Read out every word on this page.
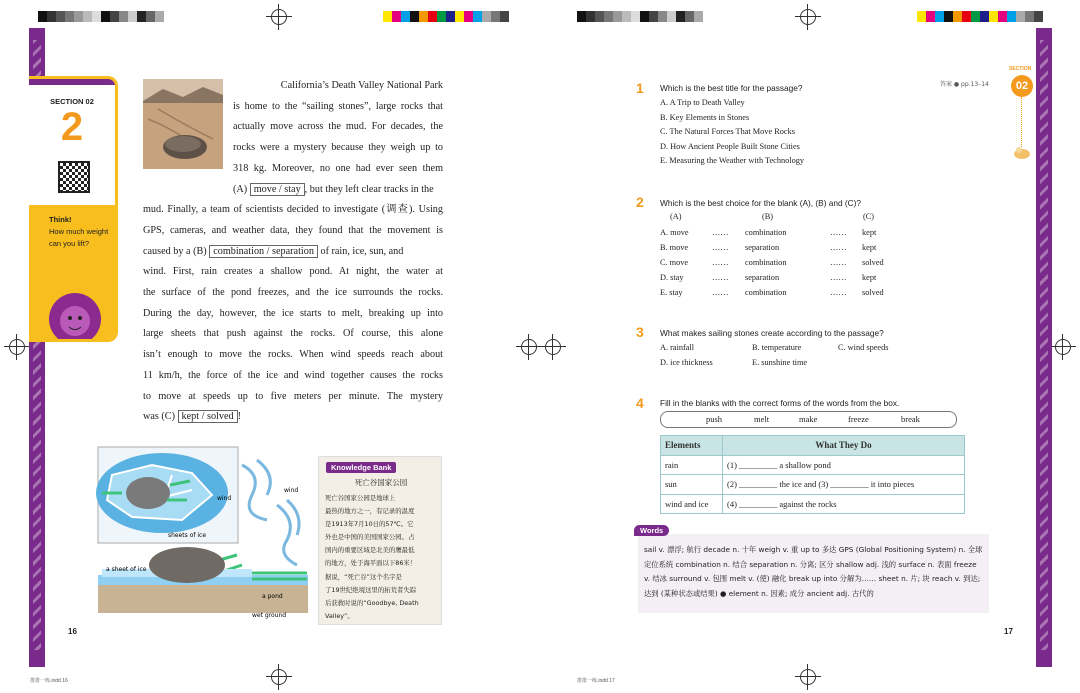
SECTION 02
2
Think!
How much weight can you lift?
California’s Death Valley National Park
is home to the “sailing stones”, large rocks that
actually move across the mud. For decades, the
rocks were a mystery because they weigh up to
318 kg. Moreover, no one had ever seen them
(A) move / stay , but they left clear tracks in the
mud. Finally, a team of scientists decided to investigate (调查). Using
GPS, cameras, and weather data, they found that the movement is
caused by a (B) combination / separation of rain, ice, sun, and
wind. First, rain creates a shallow pond. At night, the water at
the surface of the pond freezes, and the ice surrounds the rocks.
During the day, however, the ice starts to melt, breaking up into
large sheets that push against the rocks. Of course, this alone
isn’t enough to move the rocks. When wind speeds reach about
11 km/h, the force of the ice and wind together causes the rocks
to move at speeds up to five meters per minute. The mystery
was (C) kept / solved !
wind
wind
sheets of ice
a sheet of ice
a pond
wet ground
Knowledge Bank
死亡谷国家公园
死亡谷国家公园是地球上
最热的地方之一，有记录的温度
是1913年7月10日的57℃。它
外也是中国的美国国家公园。占
国内的重要区域是北美的鹰最低
的地方，处于海平面以下86米！
据说，“死亡谷”这个名字是
了19世纪绝境这里的拓荒者失踪
后获救时说的“Goodbye, Death
Valley”。
16
排排一练.indd 16
答案 ● pp.13–14
SECTION
02
1 Which is the best title for the passage?
A. A Trip to Death Valley
B. Key Elements in Stones
C. The Natural Forces That Move Rocks
D. How Ancient People Built Stone Cities
E. Measuring the Weather with Technology
2 Which is the best choice for the blank (A), (B) and (C)?
(A)	(B)	(C)
A. move	…… combination	…… kept
B. move	…… separation	…… kept
C. move	…… combination	…… solved
D. stay	…… separation	…… kept
E. stay	…… combination	…… solved
3 What makes sailing stones create according to the passage?
A. rainfall	B. temperature	C. wind speeds
D. ice thickness	E. sunshine time
4 Fill in the blanks with the correct forms of the words from the box.
push	melt	make	freeze	break
Elements	What They Do
rain	(1) _________ a shallow pond
sun	(2) _________ the ice and (3) _________ it into pieces
wind and ice	(4) _________ against the rocks
Words
sail v. 漂浮; 航行 decade n. 十年 weigh v. 重 up to 多达 GPS (Global Positioning System) n. 全球定位系统 combination n. 结合 separation n. 分离; 区分 shallow adj. 浅的 surface n. 表面 freeze v. 结冰 surround v. 包围 melt v. (使) 融化 break up into 分解为…… sheet n. 片; 块 reach v. 到达; 达到 (某种状态或结果) ● element n. 因素; 成分 ancient adj. 古代的
17
排排一练.indd 17
